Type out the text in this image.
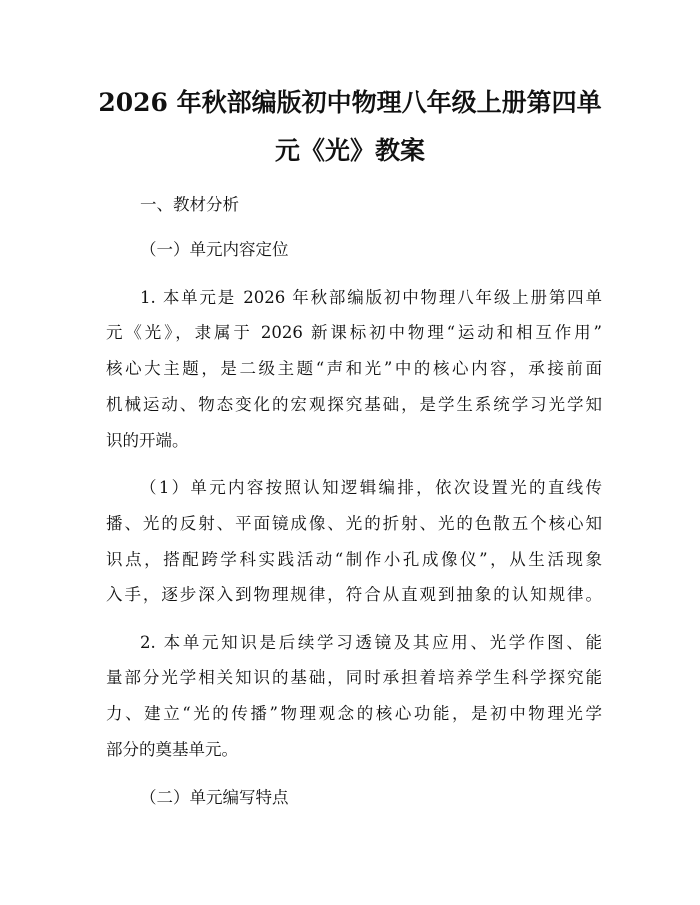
2026 年秋部编版初中物理八年级上册第四单
元《光》教案
一、教材分析
（一）单元内容定位
1. 本单元是 2026 年秋部编版初中物理八年级上册第四单
元《光》，隶属于 2026 新课标初中物理“运动和相互作用”
核心大主题，是二级主题“声和光”中的核心内容，承接前面
机械运动、物态变化的宏观探究基础，是学生系统学习光学知
识的开端。
（1）单元内容按照认知逻辑编排，依次设置光的直线传
播、光的反射、平面镜成像、光的折射、光的色散五个核心知
识点，搭配跨学科实践活动“制作小孔成像仪”，从生活现象
入手，逐步深入到物理规律，符合从直观到抽象的认知规律。
2. 本单元知识是后续学习透镜及其应用、光学作图、能
量部分光学相关知识的基础，同时承担着培养学生科学探究能
力、建立“光的传播”物理观念的核心功能，是初中物理光学
部分的奠基单元。
（二）单元编写特点
